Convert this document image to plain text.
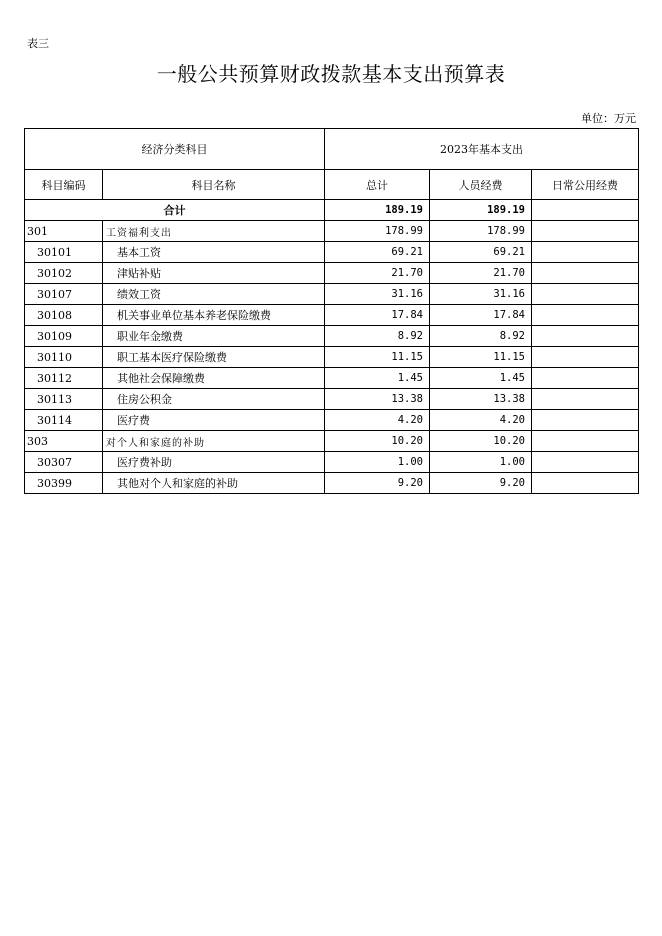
表三
一般公共预算财政拨款基本支出预算表
单位：万元
经济分类科目		2023年基本支出		
科目编码	科目名称	总计	人员经费	日常公用经费
合计		189.19	189.19	
301	工资福利支出	178.99	178.99	
30101	基本工资	69.21	69.21	
30102	津贴补贴	21.70	21.70	
30107	绩效工资	31.16	31.16	
30108	机关事业单位基本养老保险缴费	17.84	17.84	
30109	职业年金缴费	8.92	8.92	
30110	职工基本医疗保险缴费	11.15	11.15	
30112	其他社会保障缴费	1.45	1.45	
30113	住房公积金	13.38	13.38	
30114	医疗费	4.20	4.20	
303	对个人和家庭的补助	10.20	10.20	
30307	医疗费补助	1.00	1.00	
30399	其他对个人和家庭的补助	9.20	9.20	
